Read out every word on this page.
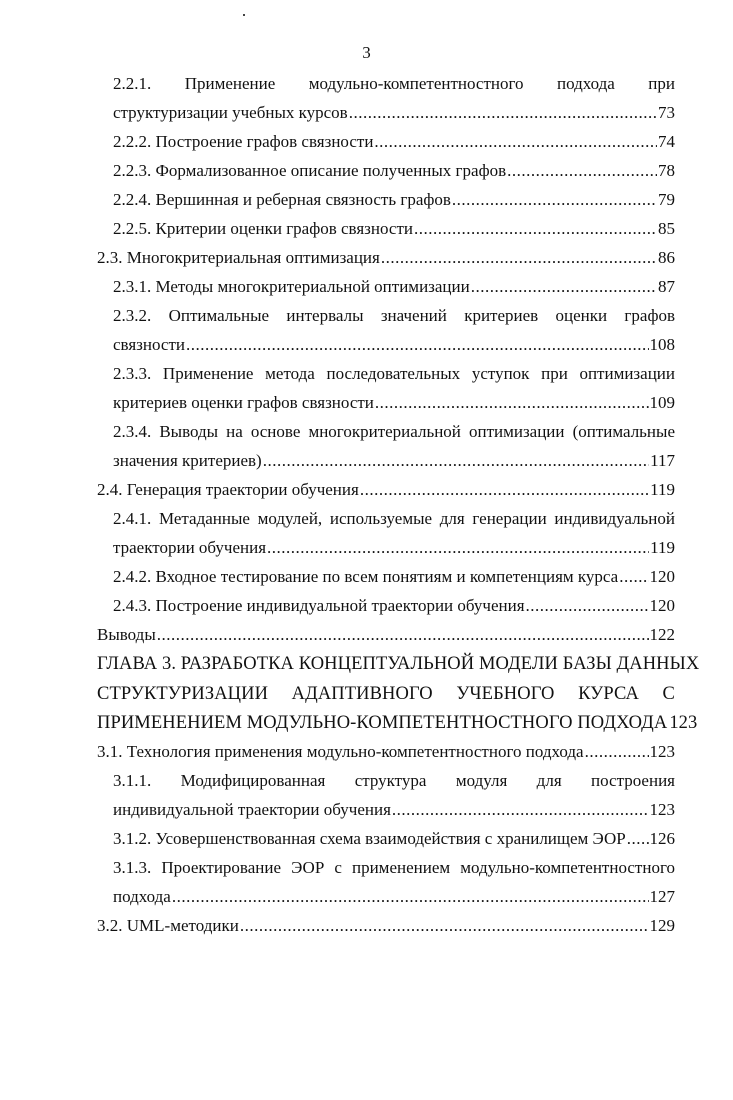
3
2.2.1. Применение модульно-компетентностного подхода при
структуризации учебных курсов .....	73
2.2.2. Построение графов связности .....	74
2.2.3. Формализованное описание полученных графов .....	78
2.2.4. Вершинная и реберная связность графов .....	79
2.2.5. Критерии оценки графов связности .....	85
2.3. Многокритериальная оптимизация .....	86
2.3.1. Методы многокритериальной оптимизации .....	87
2.3.2. Оптимальные интервалы значений критериев оценки графов
связности .....	108
2.3.3. Применение метода последовательных уступок при оптимизации
критериев оценки графов связности .....	109
2.3.4. Выводы на основе многокритериальной оптимизации (оптимальные
значения критериев) .....	117
2.4. Генерация траектории обучения .....	119
2.4.1. Метаданные модулей, используемые для генерации индивидуальной
траектории обучения .....	119
2.4.2. Входное тестирование по всем понятиям и компетенциям курса ..... 120
2.4.3. Построение индивидуальной траектории обучения .....	120
Выводы .....	122
ГЛАВА 3. РАЗРАБОТКА КОНЦЕПТУАЛЬНОЙ МОДЕЛИ БАЗЫ ДАННЫХ
СТРУКТУРИЗАЦИИ АДАПТИВНОГО УЧЕБНОГО КУРСА С
ПРИМЕНЕНИЕМ МОДУЛЬНО-КОМПЕТЕНТНОСТНОГО ПОДХОДА 123
3.1. Технология применения модульно-компетентностного подхода .....	123
3.1.1. Модифицированная структура модуля для построения
индивидуальной траектории обучения .....	123
3.1.2. Усовершенствованная схема взаимодействия с хранилищем ЭОР ..... 126
3.1.3. Проектирование ЭОР с применением модульно-компетентностного
подхода .....	127
3.2. UML-методики .....	129
